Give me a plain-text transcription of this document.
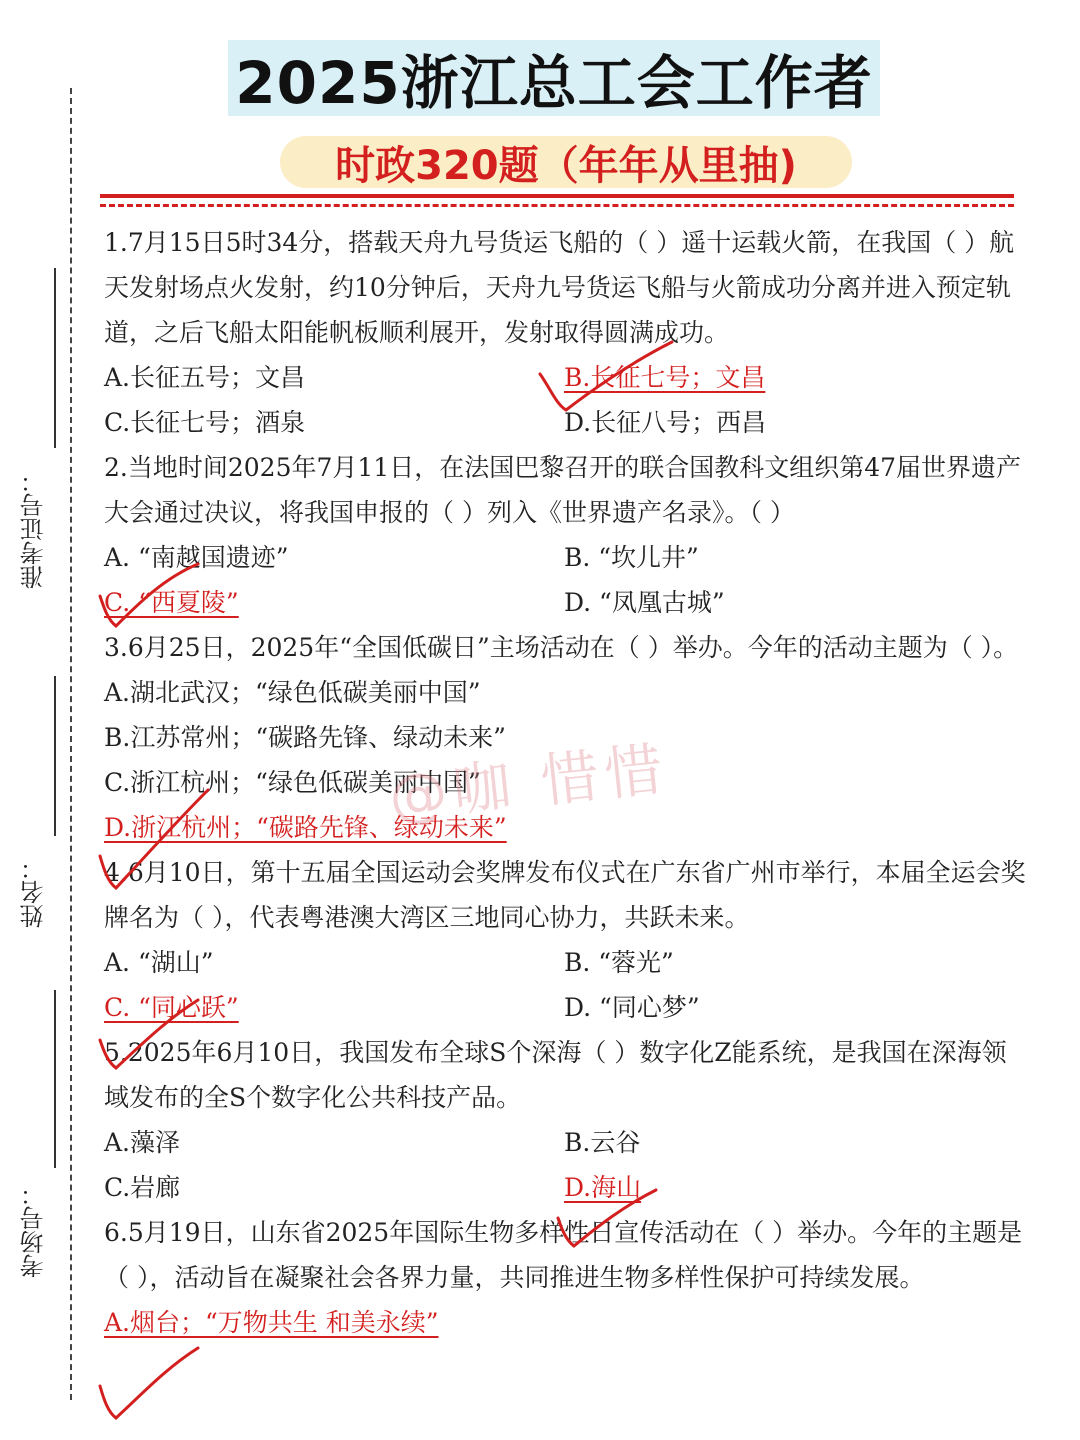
准考证号：
姓名：
考场号：
2025浙江总工会工作者
时政320题（年年从里抽)

1.7月15日5时34分，搭载天舟九号货运飞船的（ ）遥十运载火箭，在我国（ ）航天发射场点火发射，约10分钟后，天舟九号货运飞船与火箭成功分离并进入预定轨道，之后飞船太阳能帆板顺利展开，发射取得圆满成功。

A.长征五号；文昌	B.长征七号；文昌
C.长征七号；酒泉	D.长征八号；西昌

2.当地时间2025年7月11日，在法国巴黎召开的联合国教科文组织第47届世界遗产大会通过决议，将我国申报的（ ）列入《世界遗产名录》。（ ）

A. “南越国遗迹”	B. “坎儿井”
C. “西夏陵”	D. “凤凰古城”

3.6月25日，2025年“全国低碳日”主场活动在（ ）举办。今年的活动主题为（ ）。

A.湖北武汉；“绿色低碳美丽中国”
B.江苏常州；“碳路先锋、绿动未来”
C.浙江杭州；“绿色低碳美丽中国”
D.浙江杭州；“碳路先锋、绿动未来”

4.6月10日，第十五届全国运动会奖牌发布仪式在广东省广州市举行，本届全运会奖牌名为（ ），代表粤港澳大湾区三地同心协力，共跃未来。

A. “湖山”	B. “蓉光”
C. “同心跃”	D. “同心梦”

5.2025年6月10日，我国发布全球S个深海（ ）数字化Z能系统，是我国在深海领域发布的全S个数字化公共科技产品。

A.藻泽	B.云谷
C.岩廊	D.海山

6.5月19日，山东省2025年国际生物多样性日宣传活动在（ ）举办。今年的主题是（ ），活动旨在凝聚社会各界力量，共同推进生物多样性保护可持续发展。

A.烟台；“万物共生 和美永续”
@咖 惜惜
